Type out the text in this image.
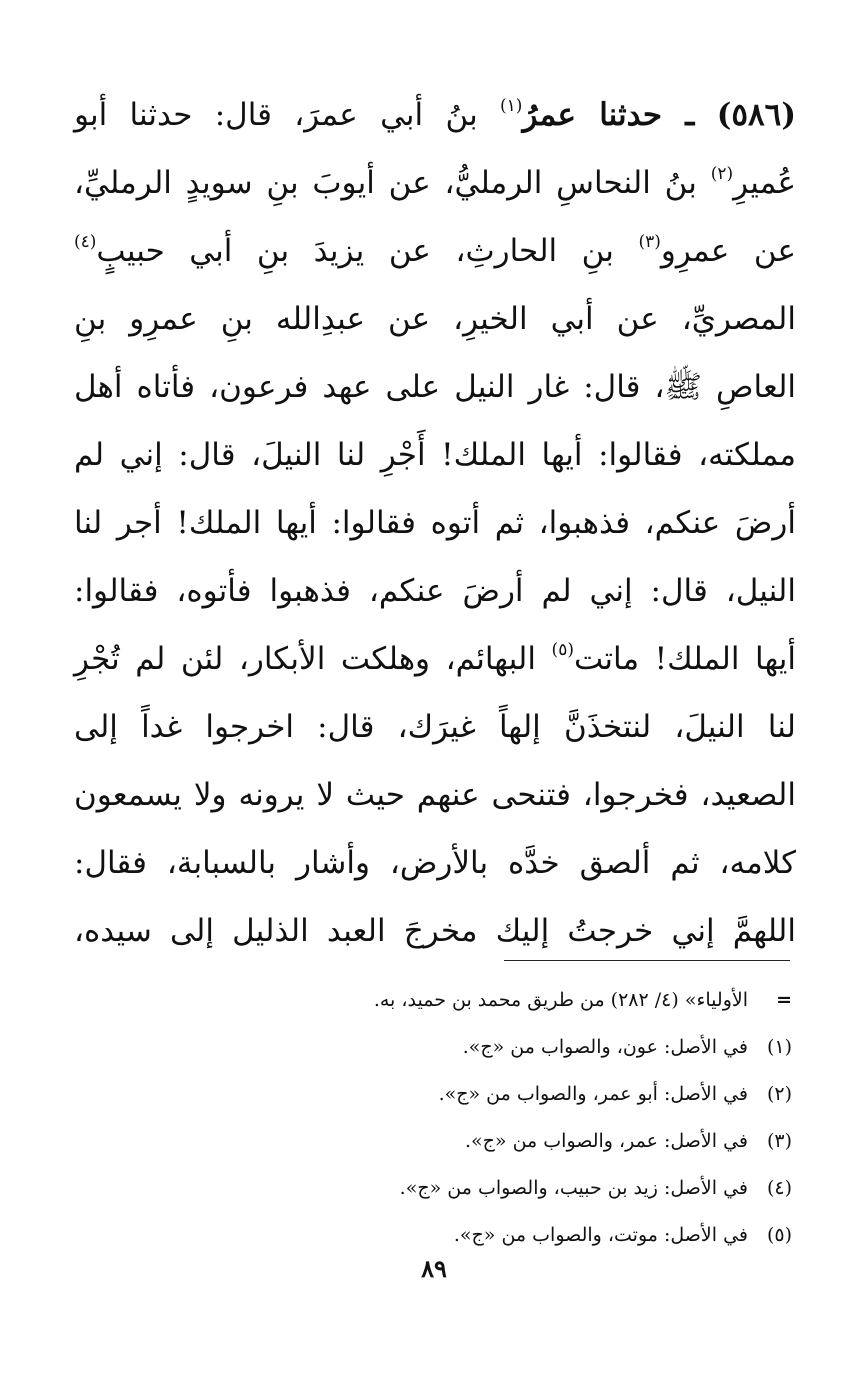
(٥٨٦) ـ حدثنا عمرُ$^{(١)}$ بنُ أبي عمرَ، قال: حدثنا أبو
عُميرِ$^{(٢)}$ بنُ النحاسِ الرمليُّ، عن أيوبَ بنِ سويدٍ الرمليِّ،
عن عمرِو$^{(٣)}$ بنِ الحارثِ، عن يزيدَ بنِ أبي حبيبٍ$^{(٤)}$
المصريِّ، عن أبي الخيرِ، عن عبدِالله بنِ عمرِو بنِ
العاصِ ﷺ، قال: غار النيل على عهد فرعون، فأتاه أهل
مملكته، فقالوا: أيها الملك! أَجْرِ لنا النيلَ، قال: إني لم
أرضَ عنكم، فذهبوا، ثم أتوه فقالوا: أيها الملك! أجر لنا
النيل، قال: إني لم أرضَ عنكم، فذهبوا فأتوه، فقالوا:
أيها الملك! ماتت$^{(٥)}$ البهائم، وهلكت الأبكار، لئن لم تُجْرِ
لنا النيلَ، لنتخذَنَّ إلهاً غيرَك، قال: اخرجوا غداً إلى
الصعيد، فخرجوا، فتنحى عنهم حيث لا يرونه ولا يسمعون
كلامه، ثم ألصق خدَّه بالأرض، وأشار بالسبابة، فقال:
اللهمَّ إني خرجتُ إليك مخرجَ العبد الذليل إلى سيده،
=
الأولياء» (٤/ ٢٨٢) من طريق محمد بن حميد، به.
(١)
في الأصل: عون، والصواب من «ج».
(٢)
في الأصل: أبو عمر، والصواب من «ج».
(٣)
في الأصل: عمر، والصواب من «ج».
(٤)
في الأصل: زيد بن حبيب، والصواب من «ج».
(٥)
في الأصل: موتت، والصواب من «ج».
٨٩
